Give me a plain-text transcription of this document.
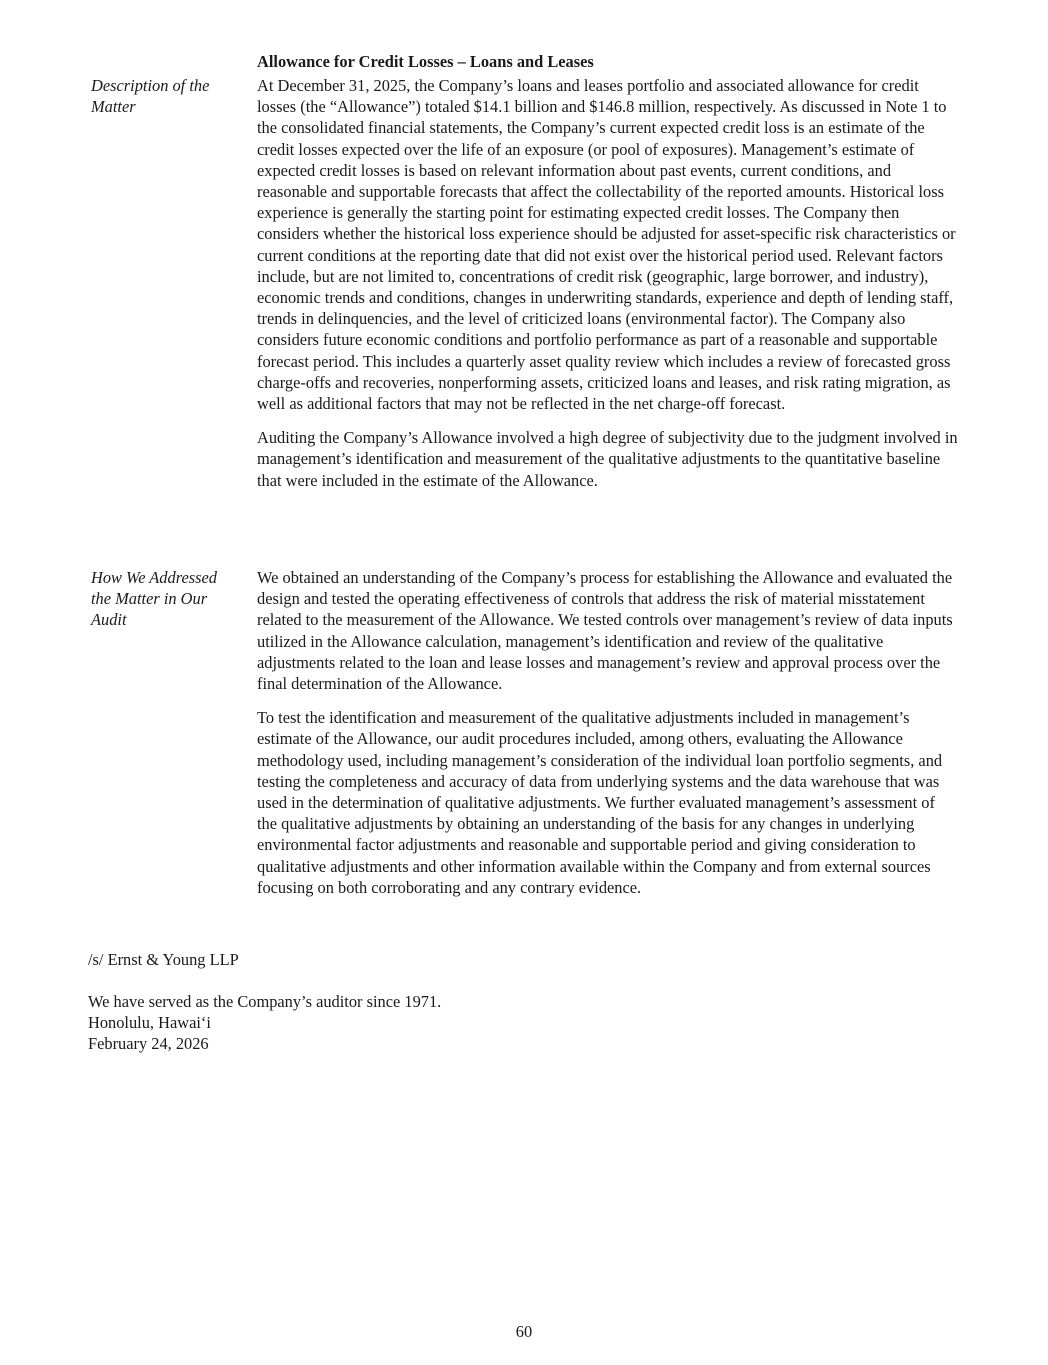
Allowance for Credit Losses – Loans and Leases

Description of the Matter

At December 31, 2025, the Company’s loans and leases portfolio and associated allowance for credit losses (the “Allowance”) totaled $14.1 billion and $146.8 million, respectively. As discussed in Note 1 to the consolidated financial statements, the Company’s current expected credit loss is an estimate of the credit losses expected over the life of an exposure (or pool of exposures). Management’s estimate of expected credit losses is based on relevant information about past events, current conditions, and reasonable and supportable forecasts that affect the collectability of the reported amounts. Historical loss experience is generally the starting point for estimating expected credit losses. The Company then considers whether the historical loss experience should be adjusted for asset-specific risk characteristics or current conditions at the reporting date that did not exist over the historical period used. Relevant factors include, but are not limited to, concentrations of credit risk (geographic, large borrower, and industry), economic trends and conditions, changes in underwriting standards, experience and depth of lending staff, trends in delinquencies, and the level of criticized loans (environmental factor). The Company also considers future economic conditions and portfolio performance as part of a reasonable and supportable forecast period. This includes a quarterly asset quality review which includes a review of forecasted gross charge-offs and recoveries, nonperforming assets, criticized loans and leases, and risk rating migration, as well as additional factors that may not be reflected in the net charge-off forecast.

Auditing the Company’s Allowance involved a high degree of subjectivity due to the judgment involved in management’s identification and measurement of the qualitative adjustments to the quantitative baseline that were included in the estimate of the Allowance.

How We Addressed the Matter in Our Audit

We obtained an understanding of the Company’s process for establishing the Allowance and evaluated the design and tested the operating effectiveness of controls that address the risk of material misstatement related to the measurement of the Allowance. We tested controls over management’s review of data inputs utilized in the Allowance calculation, management’s identification and review of the qualitative adjustments related to the loan and lease losses and management’s review and approval process over the final determination of the Allowance.

To test the identification and measurement of the qualitative adjustments included in management’s estimate of the Allowance, our audit procedures included, among others, evaluating the Allowance methodology used, including management’s consideration of the individual loan portfolio segments, and testing the completeness and accuracy of data from underlying systems and the data warehouse that was used in the determination of qualitative adjustments. We further evaluated management’s assessment of the qualitative adjustments by obtaining an understanding of the basis for any changes in underlying environmental factor adjustments and reasonable and supportable period and giving consideration to qualitative adjustments and other information available within the Company and from external sources focusing on both corroborating and any contrary evidence.

/s/ Ernst & Young LLP

We have served as the Company’s auditor since 1971.
Honolulu, Hawaiʻi
February 24, 2026

60
